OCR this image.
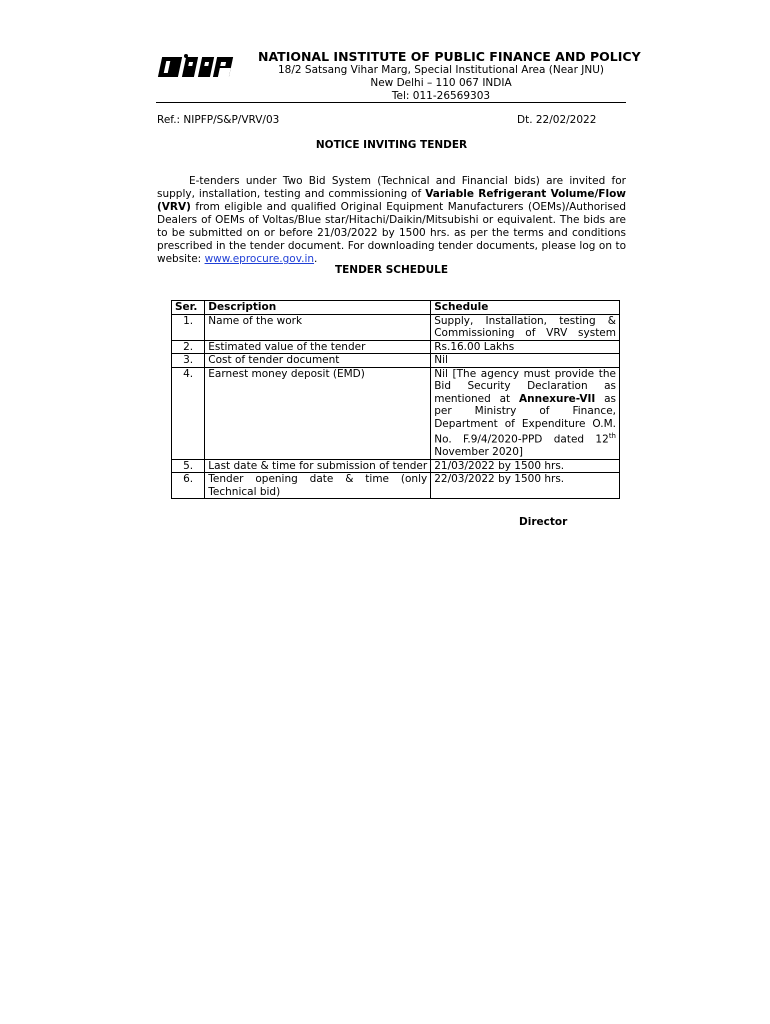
NATIONAL INSTITUTE OF PUBLIC FINANCE AND POLICY
18/2 Satsang Vihar Marg, Special Institutional Area (Near JNU)
New Delhi – 110 067 INDIA
Tel: 011-26569303
Ref.: NIPFP/S&P/VRV/03	Dt. 22/02/2022
NOTICE INVITING TENDER
E-tenders under Two Bid System (Technical and Financial bids) are invited for supply, installation, testing and commissioning of Variable Refrigerant Volume/Flow (VRV) from eligible and qualified Original Equipment Manufacturers (OEMs)/Authorised Dealers of OEMs of Voltas/Blue star/Hitachi/Daikin/Mitsubishi or equivalent. The bids are to be submitted on or before 21/03/2022 by 1500 hrs. as per the terms and conditions prescribed in the tender document. For downloading tender documents, please log on to website: www.eprocure.gov.in.
TENDER SCHEDULE
Ser.	Description	Schedule
1.	Name of the work	Supply, Installation, testing & Commissioning of VRV system
2.	Estimated value of the tender	Rs.16.00 Lakhs
3.	Cost of tender document	Nil
4.	Earnest money deposit (EMD)	Nil [The agency must provide the Bid Security Declaration as mentioned at Annexure-VII as per Ministry of Finance, Department of Expenditure O.M. No. F.9/4/2020-PPD dated 12th November 2020]
5.	Last date & time for submission of tender	21/03/2022 by 1500 hrs.
6.	Tender opening date & time (only Technical bid)	22/03/2022 by 1500 hrs.
Director
